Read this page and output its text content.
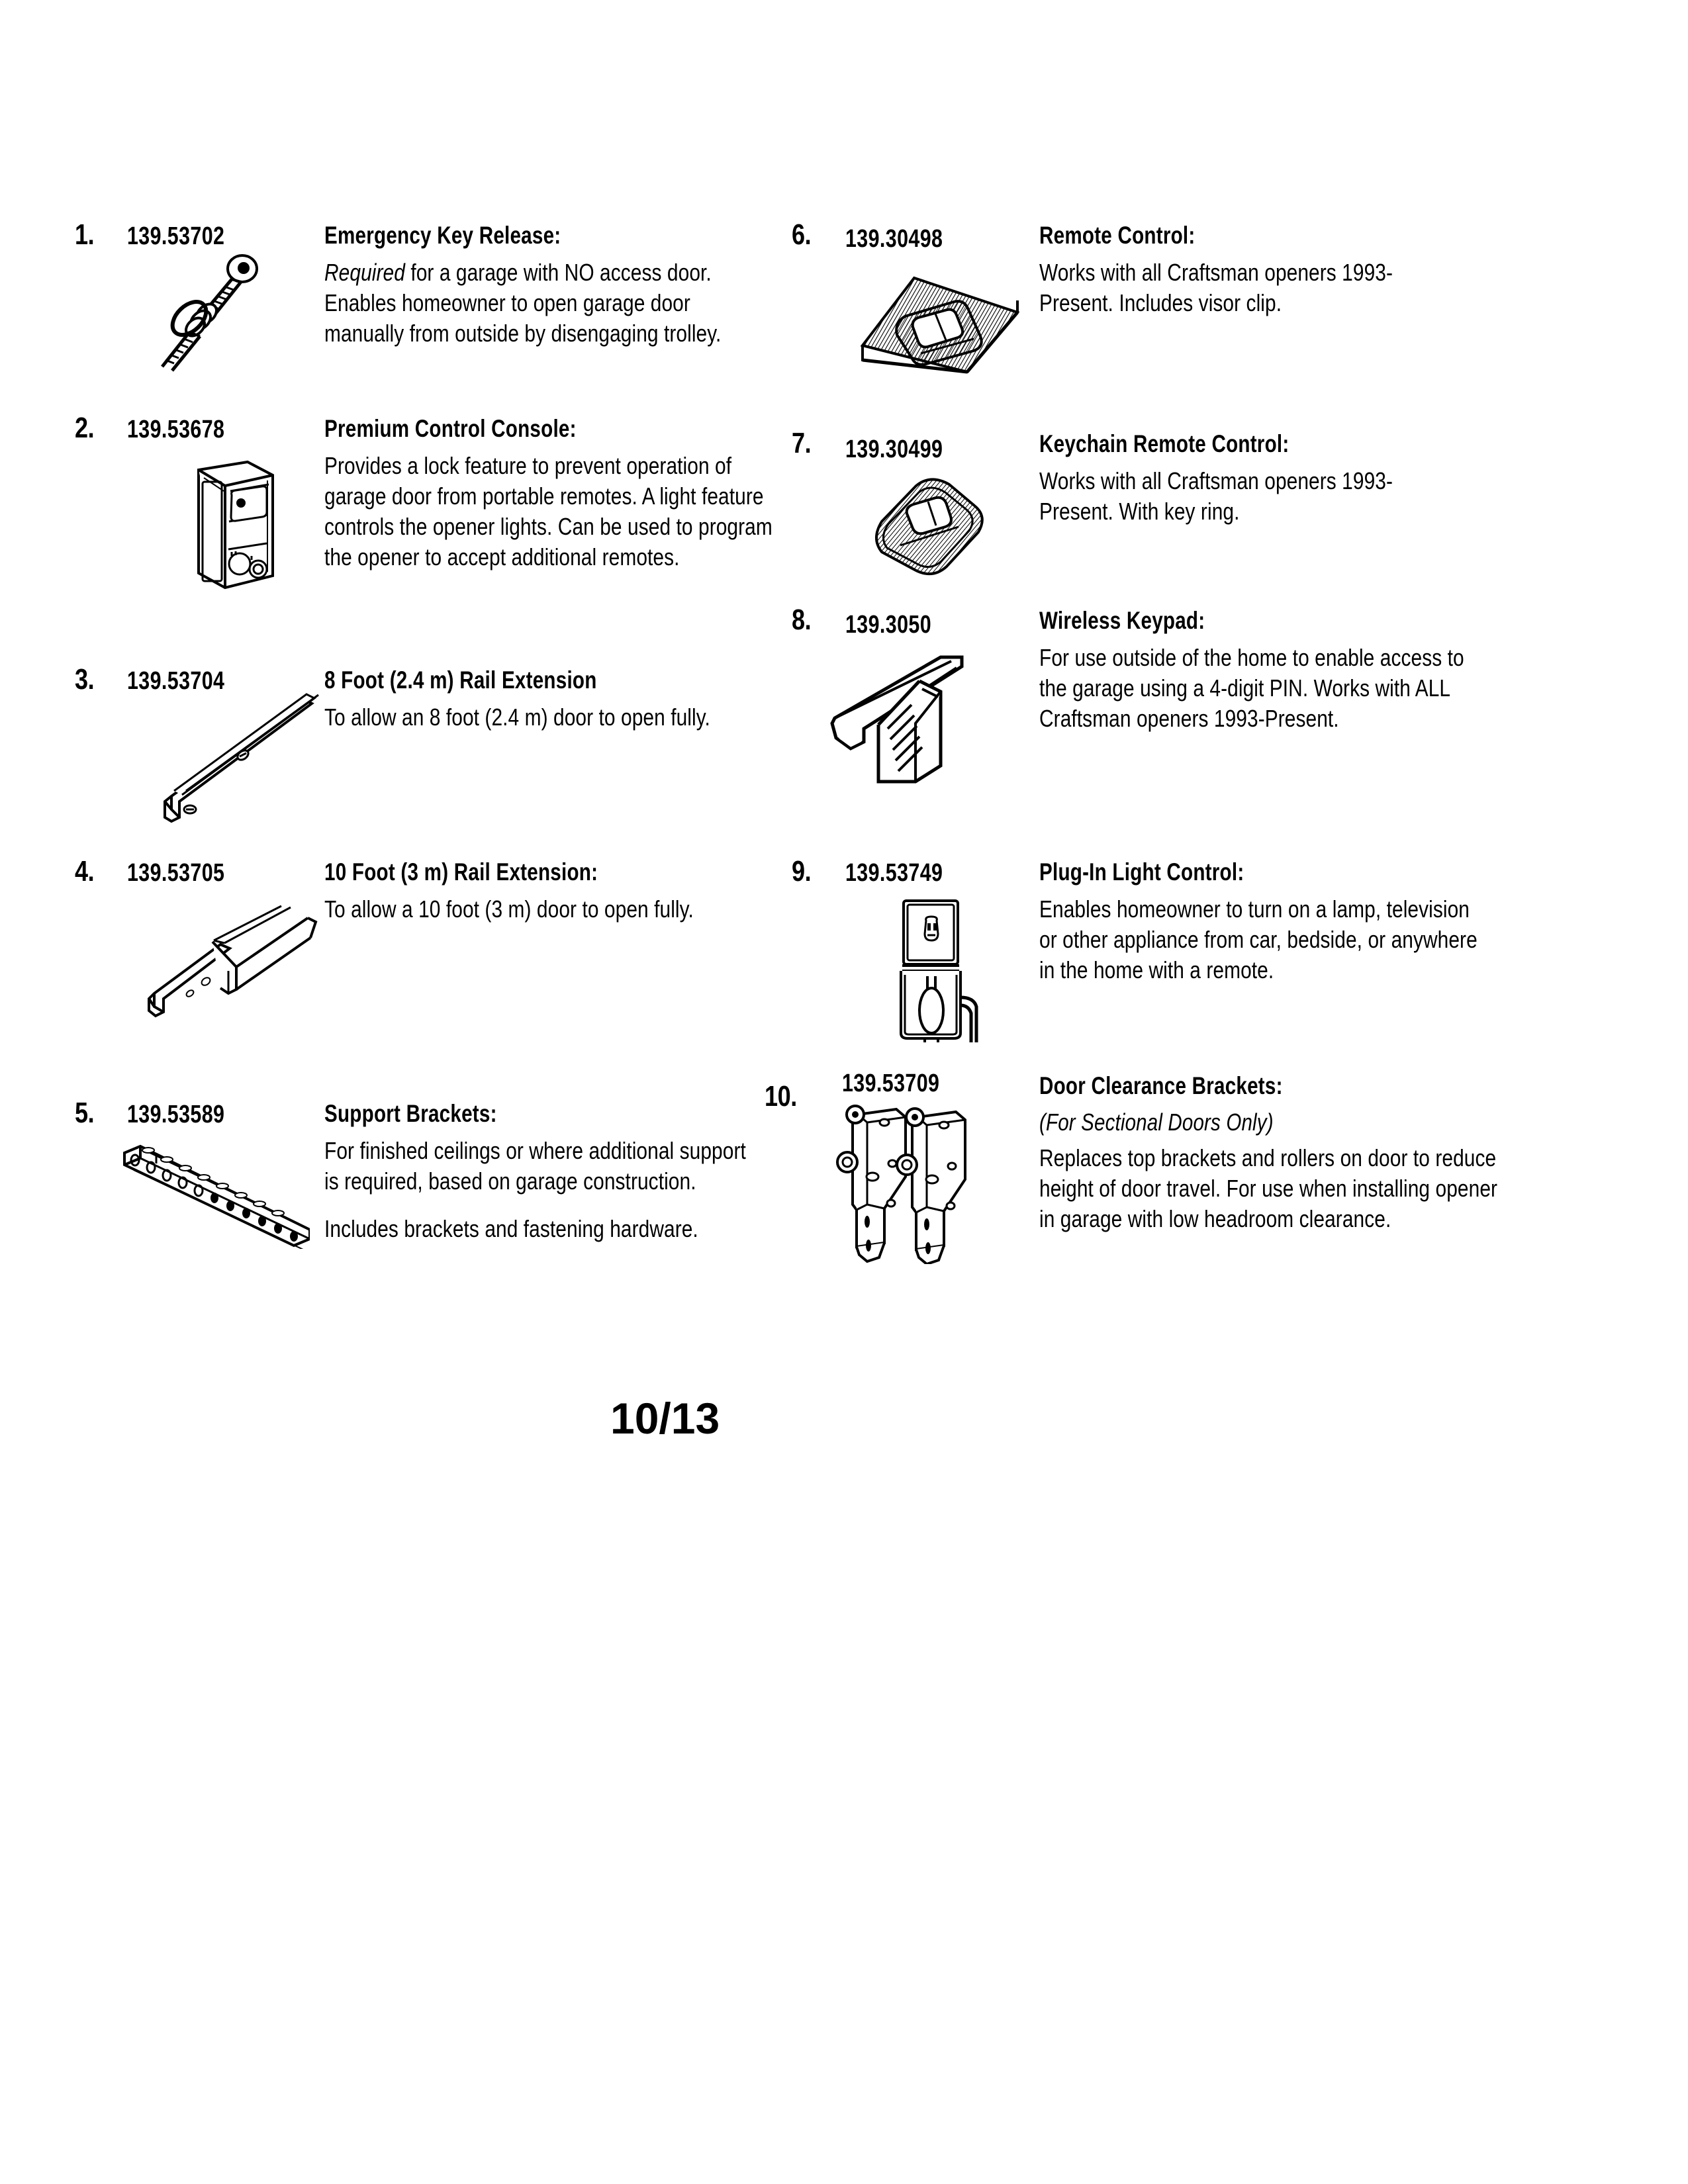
1. 139.53702	Emergency Key Release:
Required for a garage with NO access door. Enables homeowner to open garage door manually from outside by disengaging trolley.
2. 139.53678	Premium Control Console:
Provides a lock feature to prevent operation of garage door from portable remotes. A light feature controls the opener lights. Can be used to program the opener to accept additional remotes.
3. 139.53704	8 Foot (2.4 m) Rail Extension
To allow an 8 foot (2.4 m) door to open fully.
4. 139.53705	10 Foot (3 m) Rail Extension:
To allow a 10 foot (3 m) door to open fully.
5. 139.53589	Support Brackets:
For finished ceilings or where additional support is required, based on garage construction.
Includes brackets and fastening hardware.
6. 139.30498	Remote Control:
Works with all Craftsman openers 1993-Present. Includes visor clip.
7. 139.30499	Keychain Remote Control:
Works with all Craftsman openers 1993-Present. With key ring.
8. 139.3050	Wireless Keypad:
For use outside of the home to enable access to the garage using a 4-digit PIN. Works with ALL Craftsman openers 1993-Present.
9. 139.53749	Plug-In Light Control:
Enables homeowner to turn on a lamp, television or other appliance from car, bedside, or anywhere in the home with a remote.
10. 139.53709	Door Clearance Brackets:
(For Sectional Doors Only)
Replaces top brackets and rollers on door to reduce height of door travel. For use when installing opener in garage with low headroom clearance.
10/13
